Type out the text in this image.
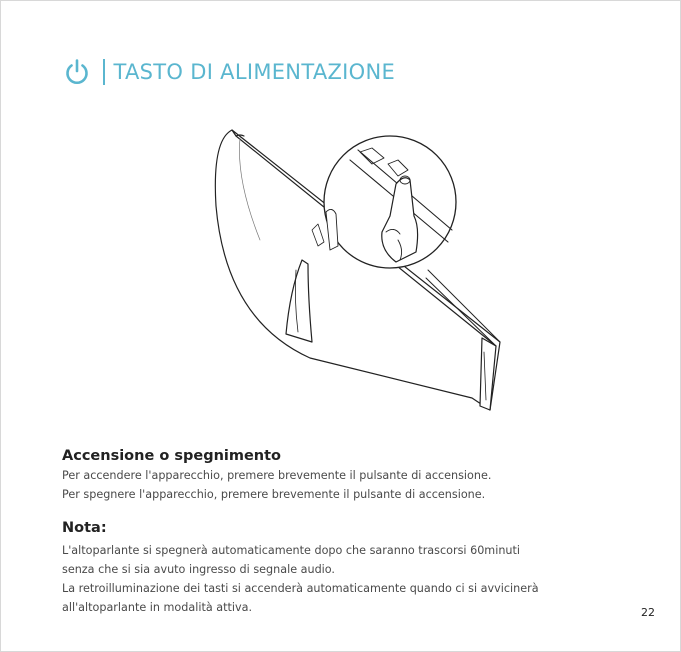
TASTO DI ALIMENTAZIONE
Accensione o spegnimento

Per accendere l'apparecchio, premere brevemente il pulsante di accensione.

Per spegnere l'apparecchio, premere brevemente il pulsante di accensione.

Nota:

L'altoparlante si spegnerà automaticamente dopo che saranno trascorsi 60minuti

senza che si sia avuto ingresso di segnale audio.

La retroilluminazione dei tasti si accenderà automaticamente quando ci si avvicinerà

all'altoparlante in modalità attiva.	22
